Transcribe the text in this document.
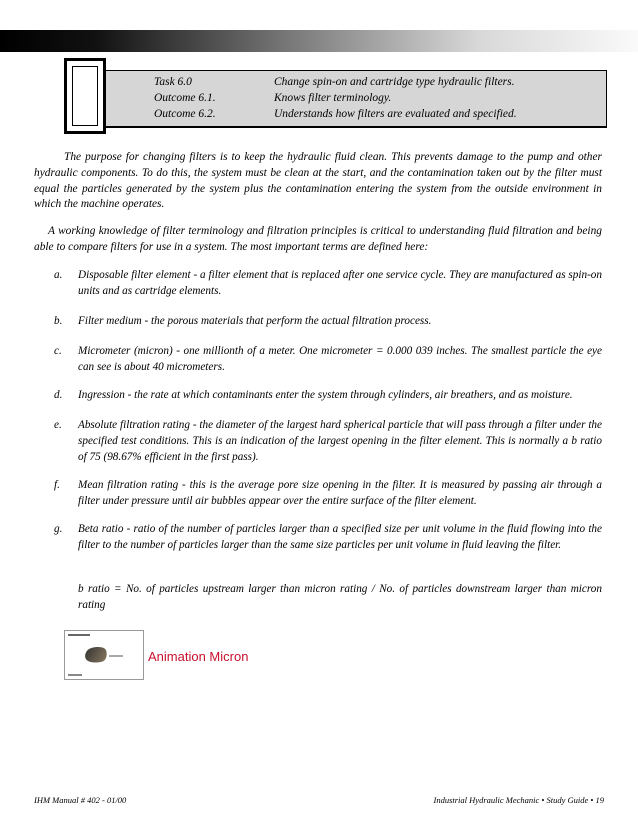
Task 6.0	Change spin-on and cartridge type hydraulic filters.
Outcome 6.1.	Knows filter terminology.
Outcome 6.2.	Understands how filters are evaluated and specified.
The purpose for changing filters is to keep the hydraulic fluid clean. This prevents damage to the pump and other hydraulic components. To do this, the system must be clean at the start, and the contamination taken out by the filter must equal the particles generated by the system plus the contamination entering the system from the outside environment in which the machine operates.
A working knowledge of filter terminology and filtration principles is critical to understanding fluid filtration and being able to compare filters for use in a system. The most important terms are defined here:
a. Disposable filter element - a filter element that is replaced after one service cycle. They are manufactured as spin-on units and as cartridge elements.
b. Filter medium - the porous materials that perform the actual filtration process.
c. Micrometer (micron) - one millionth of a meter. One micrometer = 0.000 039 inches. The smallest particle the eye can see is about 40 micrometers.
d. Ingression - the rate at which contaminants enter the system through cylinders, air breathers, and as moisture.
e. Absolute filtration rating - the diameter of the largest hard spherical particle that will pass through a filter under the specified test conditions. This is an indication of the largest opening in the filter element. This is normally a b ratio of 75 (98.67% efficient in the first pass).
f. Mean filtration rating - this is the average pore size opening in the filter. It is measured by passing air through a filter under pressure until air bubbles appear over the entire surface of the filter element.
g. Beta ratio - ratio of the number of particles larger than a specified size per unit volume in the fluid flowing into the filter to the number of particles larger than the same size particles per unit volume in fluid leaving the filter.
b ratio = No. of particles upstream larger than micron rating / No. of particles downstream larger than micron rating
Animation Micron
IHM Manual # 402 - 01/00	Industrial Hydraulic Mechanic • Study Guide • 19
